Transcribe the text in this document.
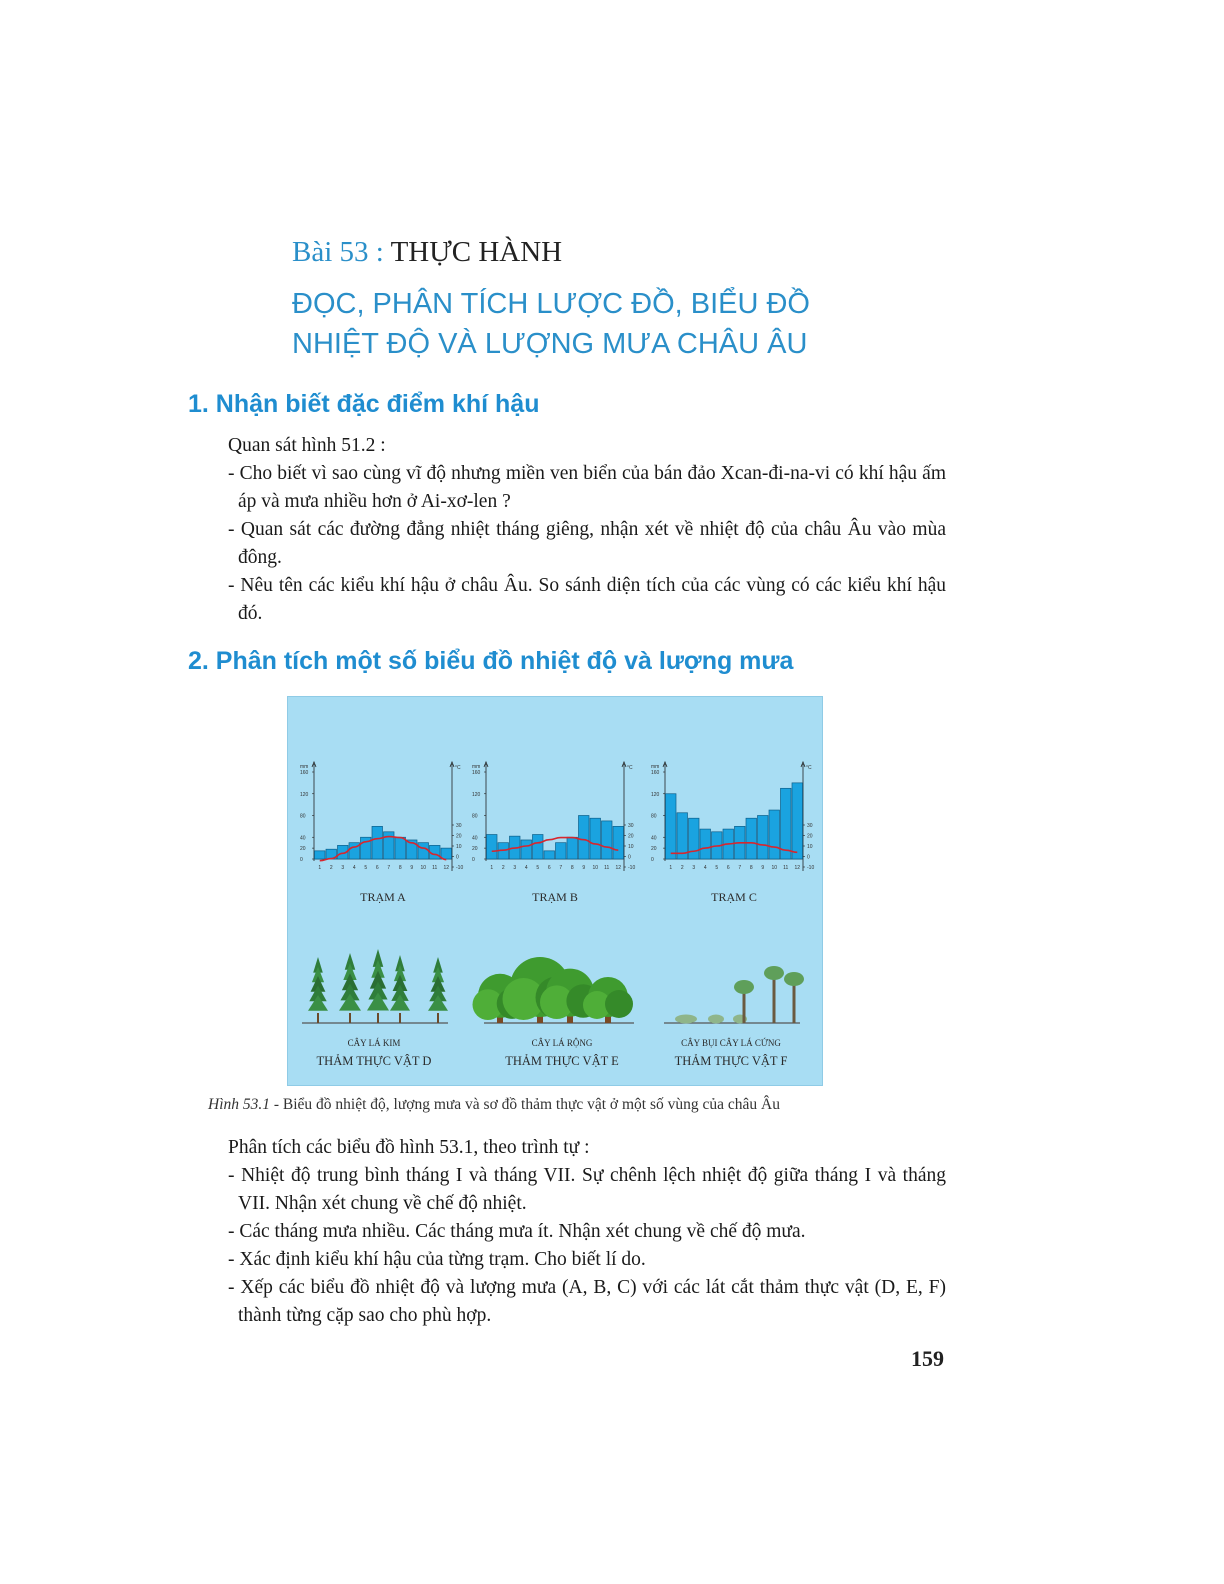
Bài 53 : THỰC HÀNH
ĐỌC, PHÂN TÍCH LƯỢC ĐỒ, BIỂU ĐỒ
NHIỆT ĐỘ VÀ LƯỢNG MƯA CHÂU ÂU
1. Nhận biết đặc điểm khí hậu

Quan sát hình 51.2 :

- Cho biết vì sao cùng vĩ độ nhưng miền ven biển của bán đảo Xcan-đi-na-vi có khí hậu ấm áp và mưa nhiều hơn ở Ai-xơ-len ?

- Quan sát các đường đẳng nhiệt tháng giêng, nhận xét về nhiệt độ của châu Âu vào mùa đông.

- Nêu tên các kiểu khí hậu ở châu Âu. So sánh diện tích của các vùng có các kiểu khí hậu đó.

2. Phân tích một số biểu đồ nhiệt độ và lượng mưa
mm	°C
160
120
80
40
20
0
30
20
10
0
-10
1 2 3 4 5 6 7 8 9 10 11 12
TRẠM A
mm	°C
160
120
80
40
20
0
30
20
10
0
-10
1 2 3 4 5 6 7 8 9 10 11 12
TRẠM B
mm	°C
160
120
80
40
20
0
30
20
10
0
-10
1 2 3 4 5 6 7 8 9 10 11 12
TRẠM C
CÂY LÁ KIM
THẢM THỰC VẬT D
CÂY LÁ RỘNG
THẢM THỰC VẬT E
CÂY BỤI CÂY LÁ CỨNG
THẢM THỰC VẬT F
Hình 53.1 - Biểu đồ nhiệt độ, lượng mưa và sơ đồ thảm thực vật ở một số vùng của châu Âu

Phân tích các biểu đồ hình 53.1, theo trình tự :

- Nhiệt độ trung bình tháng I và tháng VII. Sự chênh lệch nhiệt độ giữa tháng I và tháng VII. Nhận xét chung về chế độ nhiệt.

- Các tháng mưa nhiều. Các tháng mưa ít. Nhận xét chung về chế độ mưa.

- Xác định kiểu khí hậu của từng trạm. Cho biết lí do.

- Xếp các biểu đồ nhiệt độ và lượng mưa (A, B, C) với các lát cắt thảm thực vật (D, E, F) thành từng cặp sao cho phù hợp.

159
